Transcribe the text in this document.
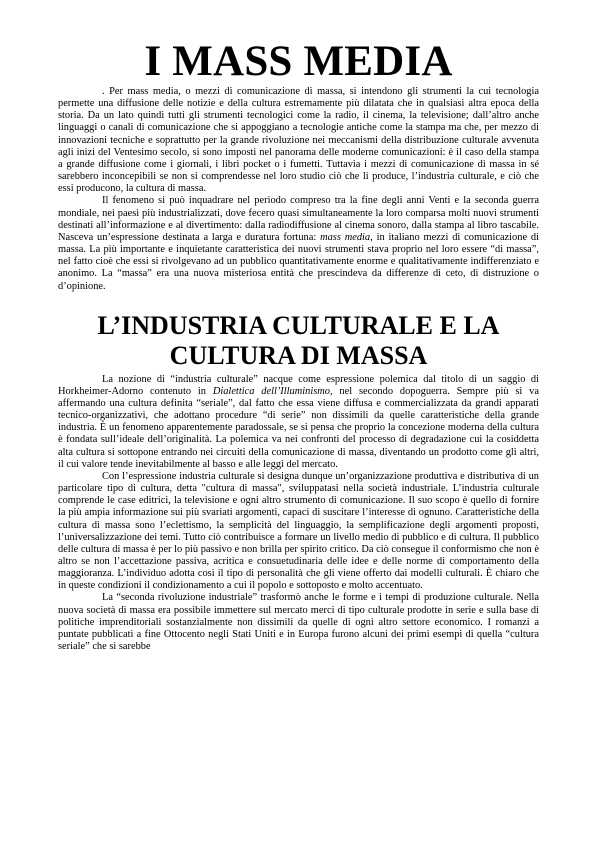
I MASS MEDIA

. Per mass media, o mezzi di comunicazione di massa, si intendono gli strumenti la cui tecnologia permette una diffusione delle notizie e della cultura estremamente più dilatata che in qualsiasi altra epoca della storia. Da un lato quindi tutti gli strumenti tecnologici come la radio, il cinema, la televisione; dall’altro anche linguaggi o canali di comunicazione che si appoggiano a tecnologie antiche come la stampa ma che, per mezzo di innovazioni tecniche e soprattutto per la grande rivoluzione nei meccanismi della distribuzione culturale avvenuta agli inizi del Ventesimo secolo, si sono imposti nel panorama delle moderne comunicazioni: è il caso della stampa a grande diffusione come i giornali, i libri pocket o i fumetti. Tuttavia i mezzi di comunicazione di massa in sé sarebbero inconcepibili se non si comprendesse nel loro studio ciò che li produce, l’industria culturale, e ciò che essi producono, la cultura di massa.

Il fenomeno si può inquadrare nel periodo compreso tra la fine degli anni Venti e la seconda guerra mondiale, nei paesi più industrializzati, dove fecero quasi simultaneamente la loro comparsa molti nuovi strumenti destinati all’informazione e al divertimento: dalla radiodiffusione al cinema sonoro, dalla stampa al libro tascabile. Nasceva un’espressione destinata a larga e duratura fortuna: mass media, in italiano mezzi di comunicazione di massa. La più importante e inquietante caratteristica dei nuovi strumenti stava proprio nel loro essere “di massa”, nel fatto cioè che essi si rivolgevano ad un pubblico quantitativamente enorme e qualitativamente indifferenziato e anonimo. La “massa” era una nuova misteriosa entità che prescindeva da differenze di ceto, di distruzione o d’opinione.

L’INDUSTRIA CULTURALE E LA CULTURA DI MASSA

La nozione di “industria culturale” nacque come espressione polemica dal titolo di un saggio di Horkheimer-Adorno contenuto in Dialettica dell’Illuminismo, nel secondo dopoguerra. Sempre più si va affermando una cultura definita “seriale”, dal fatto che essa viene diffusa e commercializzata da grandi apparati tecnico-organizzativi, che adottano procedure “di serie” non dissimili da quelle caratteristiche della grande industria. È un fenomeno apparentemente paradossale, se si pensa che proprio la concezione moderna della cultura è fondata sull’ideale dell’originalità. La polemica va nei confronti del processo di degradazione cui la cosiddetta alta cultura si sottopone entrando nei circuiti della comunicazione di massa, diventando un prodotto come gli altri, il cui valore tende inevitabilmente al basso e alle leggi del mercato.

Con l’espressione industria culturale si designa dunque un’organizzazione produttiva e distributiva di un particolare tipo di cultura, detta "cultura di massa", sviluppatasi nella società industriale. L’industria culturale comprende le case editrici, la televisione e ogni altro strumento di comunicazione. Il suo scopo è quello di fornire la più ampia informazione sui più svariati argomenti, capaci di suscitare l’interesse di ognuno. Caratteristiche della cultura di massa sono l’eclettismo, la semplicità del linguaggio, la semplificazione degli argomenti proposti, l’universalizzazione dei temi. Tutto ciò contribuisce a formare un livello medio di pubblico e di cultura. Il pubblico delle cultura di massa è per lo più passivo e non brilla per spirito critico. Da ciò consegue il conformismo che non è altro se non l’accettazione passiva, acritica e consuetudinaria delle idee e delle norme di comportamento della maggioranza. L’individuo adotta così il tipo di personalità che gli viene offerto dai modelli culturali. È chiaro che in queste condizioni il condizionamento a cui il popolo e sottoposto e molto accentuato.

La “seconda rivoluzione industriale” trasformò anche le forme e i tempi di produzione culturale. Nella nuova società di massa era possibile immettere sul mercato merci di tipo culturale prodotte in serie e sulla base di politiche imprenditoriali sostanzialmente non dissimili da quelle di ogni altro settore economico. I romanzi a puntate pubblicati a fine Ottocento negli Stati Uniti e in Europa furono alcuni dei primi esempi di quella “cultura seriale” che si sarebbe
